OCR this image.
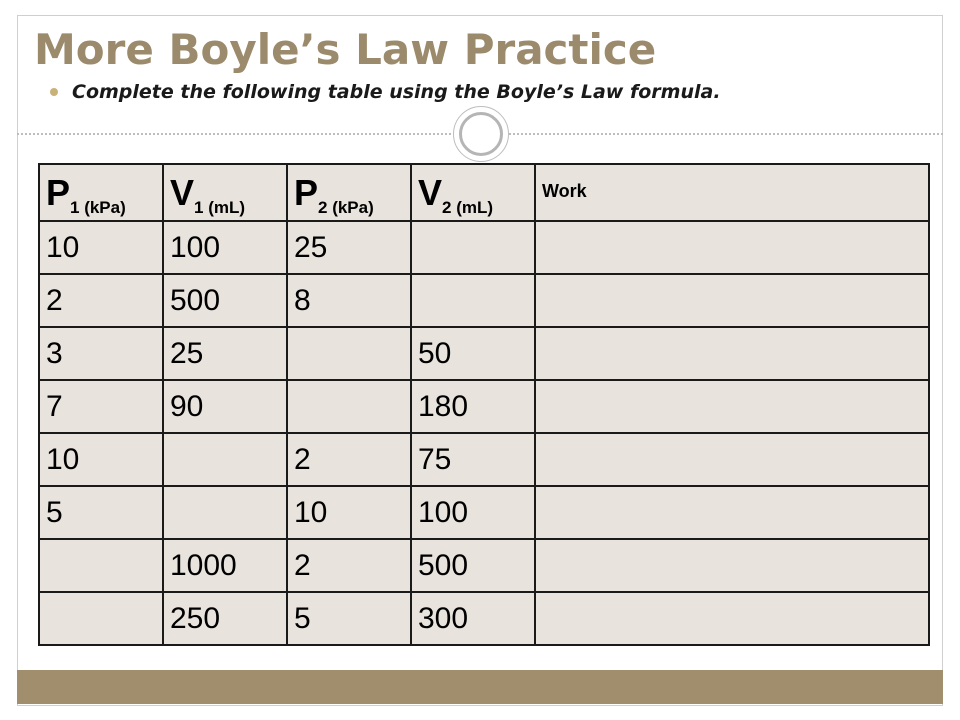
More Boyle’s Law Practice
Complete the following table using the Boyle’s Law formula.
$P_{1 (kPa)}$	$V_{1 (mL)}$	$P_{2 (kPa)}$	$V_{2 (mL)}$	Work
10	100	25		
2	500	8		
3	25		50	
7	90		180	
10		2	75	
5		10	100	
	1000	2	500	
	250	5	300	
